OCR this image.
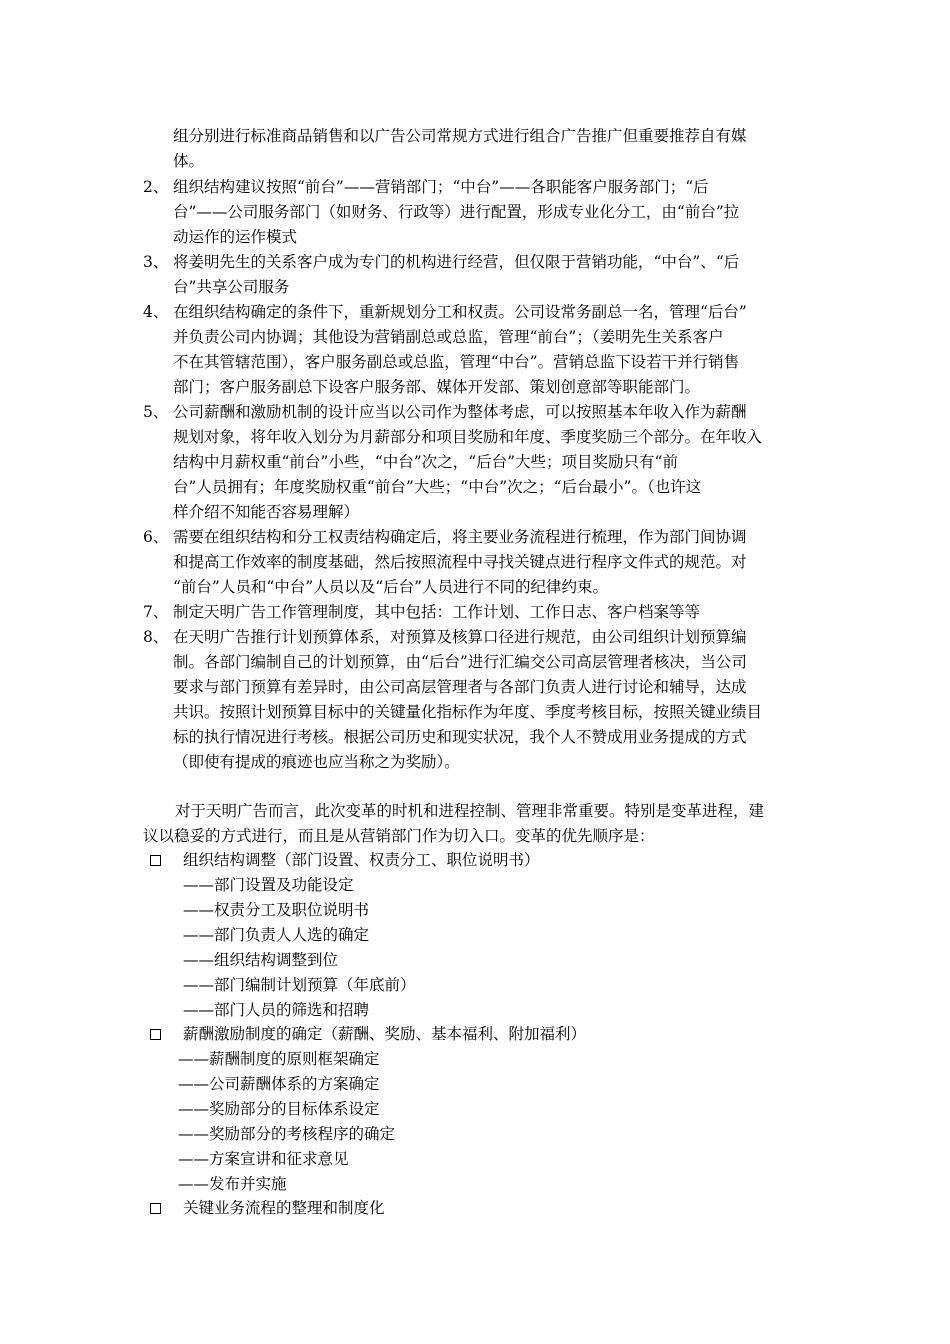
组分别进行标准商品销售和以广告公司常规方式进行组合广告推广但重要推荐自有媒
体。
2、 组织结构建议按照“前台”——营销部门；“中台”——各职能客户服务部门；“后
台”——公司服务部门（如财务、行政等）进行配置，形成专业化分工，由“前台”拉
动运作的运作模式
3、 将姜明先生的关系客户成为专门的机构进行经营，但仅限于营销功能，“中台”、“后
台”共享公司服务
4、 在组织结构确定的条件下，重新规划分工和权责。公司设常务副总一名，管理“后台”
并负责公司内协调；其他设为营销副总或总监，管理“前台”；（姜明先生关系客户
不在其管辖范围），客户服务副总或总监，管理“中台”。营销总监下设若干并行销售
部门；客户服务副总下设客户服务部、媒体开发部、策划创意部等职能部门。
5、 公司薪酬和激励机制的设计应当以公司作为整体考虑，可以按照基本年收入作为薪酬
规划对象，将年收入划分为月薪部分和项目奖励和年度、季度奖励三个部分。在年收入
结构中月薪权重“前台”小些，“中台”次之，“后台”大些；项目奖励只有“前
台”人员拥有；年度奖励权重“前台”大些；“中台”次之；“后台最小”。（也许这
样介绍不知能否容易理解）
6、 需要在组织结构和分工权责结构确定后，将主要业务流程进行梳理，作为部门间协调
和提高工作效率的制度基础，然后按照流程中寻找关键点进行程序文件式的规范。对
“前台”人员和“中台”人员以及“后台”人员进行不同的纪律约束。
7、 制定天明广告工作管理制度，其中包括：工作计划、工作日志、客户档案等等
8、 在天明广告推行计划预算体系，对预算及核算口径进行规范，由公司组织计划预算编
制。各部门编制自己的计划预算，由“后台”进行汇编交公司高层管理者核决，当公司
要求与部门预算有差异时，由公司高层管理者与各部门负责人进行讨论和辅导，达成
共识。按照计划预算目标中的关键量化指标作为年度、季度考核目标，按照关键业绩目
标的执行情况进行考核。根据公司历史和现实状况，我个人不赞成用业务提成的方式
（即使有提成的痕迹也应当称之为奖励）。
对于天明广告而言，此次变革的时机和进程控制、管理非常重要。特别是变革进程，建
议以稳妥的方式进行，而且是从营销部门作为切入口。变革的优先顺序是：
组织结构调整（部门设置、权责分工、职位说明书）
——部门设置及功能设定
——权责分工及职位说明书
——部门负责人人选的确定
——组织结构调整到位
——部门编制计划预算（年底前）
——部门人员的筛选和招聘
薪酬激励制度的确定（薪酬、奖励、基本福利、附加福利）
——薪酬制度的原则框架确定
——公司薪酬体系的方案确定
——奖励部分的目标体系设定
——奖励部分的考核程序的确定
——方案宣讲和征求意见
——发布并实施
关键业务流程的整理和制度化
